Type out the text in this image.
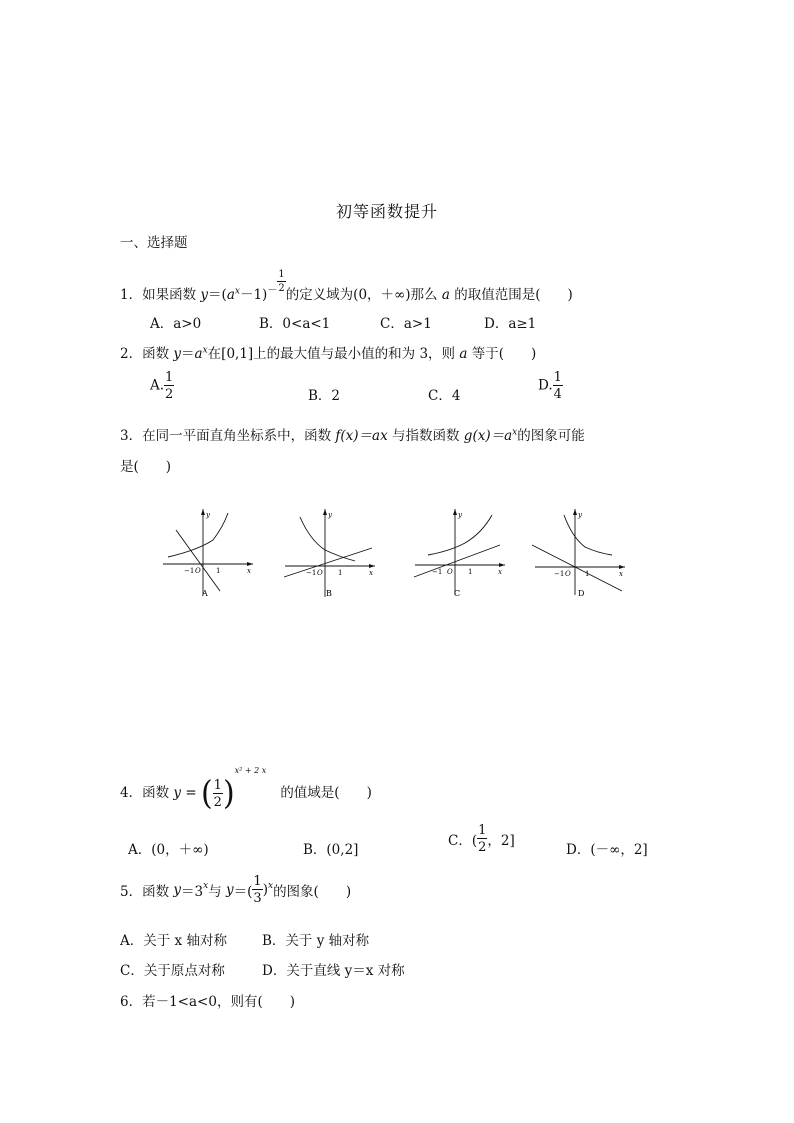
初等函数提升
一、选择题
1．如果函数 $y=(a^x-1)^- \frac{1}{2}$
的定义域为(0，＋∞)那么 a 的取值范围是(　　)
A．a>0	B．0<a<1	C．a>1	D．a≥1
2．函数 $y=a^x$在[0,1]上的最大值与最小值的和为 3，则 a 等于(　　)
A. $\frac{1}{2}$	B．2	C．4
D. $\frac{1}{4}$
3．在同一平面直角坐标系中，函数 f(x)＝ax 与指数函数 $g(x)=a^x$的图象可能
是(　　)
y
x
−1 O 1
A
y
x
−1 O 1
B
y
x
−1 O 1
C
y
x
−1 O 1
D
4．函数 y = ( $\frac{1}{2} )^{x^2 + 2 x}$的值域是(　　)
A．(0，＋∞)	B．(0,2]
C．( $\frac{1}{2}$ ，2]
D．(－∞，2]
5．函数 $y=3^x$与 $y=( \frac{1}{3} )^x$的图象(　　)
A．关于 x 轴对称	B．关于 y 轴对称
C．关于原点对称	D．关于直线 y＝x 对称
6．若－1<a<0，则有(　　)
